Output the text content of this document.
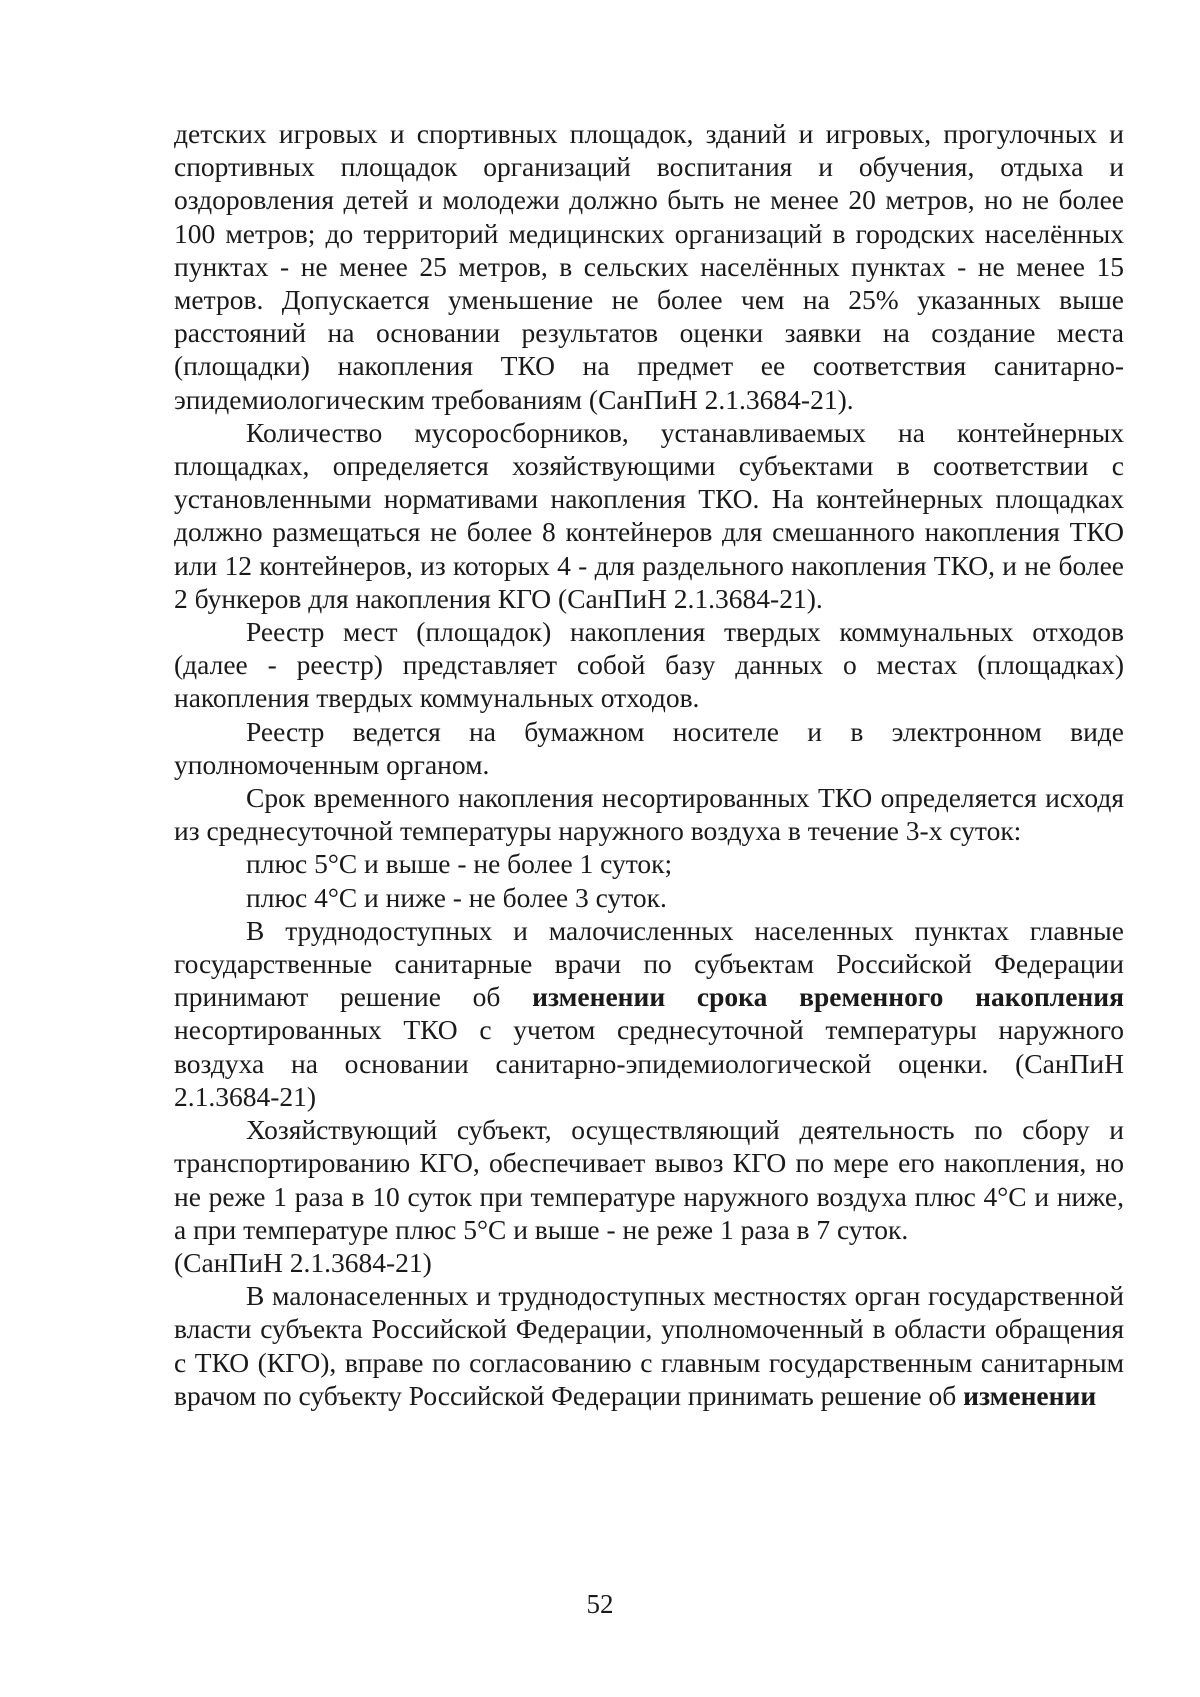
детских игровых и спортивных площадок, зданий и игровых, прогулочных и спортивных площадок организаций воспитания и обучения, отдыха и оздоровления детей и молодежи должно быть не менее 20 метров, но не более 100 метров; до территорий медицинских организаций в городских населённых пунктах - не менее 25 метров, в сельских населённых пунктах - не менее 15 метров. Допускается уменьшение не более чем на 25% указанных выше расстояний на основании результатов оценки заявки на создание места (площадки) накопления ТКО на предмет ее соответствия санитарно-эпидемиологическим требованиям (СанПиН 2.1.3684-21).

Количество мусоросборников, устанавливаемых на контейнерных площадках, определяется хозяйствующими субъектами в соответствии с установленными нормативами накопления ТКО. На контейнерных площадках должно размещаться не более 8 контейнеров для смешанного накопления ТКО или 12 контейнеров, из которых 4 - для раздельного накопления ТКО, и не более 2 бункеров для накопления КГО (СанПиН 2.1.3684-21).

Реестр мест (площадок) накопления твердых коммунальных отходов (далее - реестр) представляет собой базу данных о местах (площадках) накопления твердых коммунальных отходов.

Реестр ведется на бумажном носителе и в электронном виде уполномоченным органом.

Срок временного накопления несортированных ТКО определяется исходя из среднесуточной температуры наружного воздуха в течение 3-х суток:

плюс 5°С и выше - не более 1 суток;

плюс 4°С и ниже - не более 3 суток.

В труднодоступных и малочисленных населенных пунктах главные государственные санитарные врачи по субъектам Российской Федерации принимают решение об изменении срока временного накопления несортированных ТКО с учетом среднесуточной температуры наружного воздуха на основании санитарно-эпидемиологической оценки. (СанПиН 2.1.3684-21)

Хозяйствующий субъект, осуществляющий деятельность по сбору и транспортированию КГО, обеспечивает вывоз КГО по мере его накопления, но не реже 1 раза в 10 суток при температуре наружного воздуха плюс 4°С и ниже, а при температуре плюс 5°С и выше - не реже 1 раза в 7 суток.

(СанПиН 2.1.3684-21)

В малонаселенных и труднодоступных местностях орган государственной власти субъекта Российской Федерации, уполномоченный в области обращения с ТКО (КГО), вправе по согласованию с главным государственным санитарным врачом по субъекту Российской Федерации принимать решение об изменении

52
